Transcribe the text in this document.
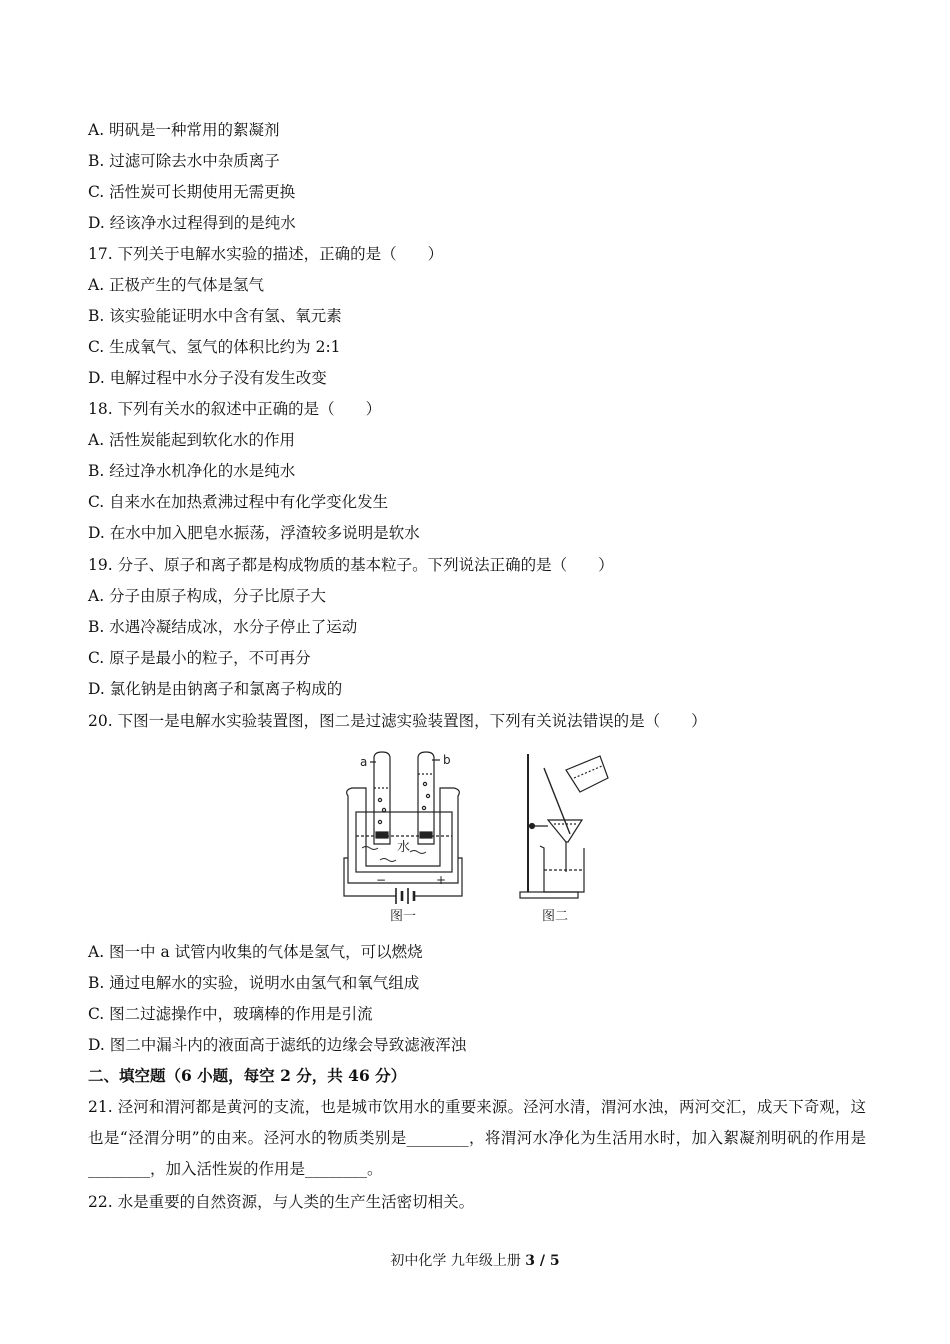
A. 明矾是一种常用的絮凝剂
B. 过滤可除去水中杂质离子
C. 活性炭可长期使用无需更换
D. 经该净水过程得到的是纯水
17. 下列关于电解水实验的描述，正确的是（　　）
A. 正极产生的气体是氢气
B. 该实验能证明水中含有氢、氧元素
C. 生成氧气、氢气的体积比约为 2:1
D. 电解过程中水分子没有发生改变
18. 下列有关水的叙述中正确的是（　　）
A. 活性炭能起到软化水的作用
B. 经过净水机净化的水是纯水
C. 自来水在加热煮沸过程中有化学变化发生
D. 在水中加入肥皂水振荡，浮渣较多说明是软水
19. 分子、原子和离子都是构成物质的基本粒子。下列说法正确的是（　　）
A. 分子由原子构成，分子比原子大
B. 水遇冷凝结成冰，水分子停止了运动
C. 原子是最小的粒子，不可再分
D. 氯化钠是由钠离子和氯离子构成的
20. 下图一是电解水实验装置图，图二是过滤实验装置图，下列有关说法错误的是（　　）
a	b
水
−	+
图一	图二
A. 图一中 a 试管内收集的气体是氢气，可以燃烧
B. 通过电解水的实验，说明水由氢气和氧气组成
C. 图二过滤操作中，玻璃棒的作用是引流
D. 图二中漏斗内的液面高于滤纸的边缘会导致滤液浑浊
二、填空题（6 小题，每空 2 分，共 46 分）
21. 泾河和渭河都是黄河的支流，也是城市饮用水的重要来源。泾河水清，渭河水浊，两河交汇，成天下奇观，这也是“泾渭分明”的由来。泾河水的物质类别是________，将渭河水净化为生活用水时，加入絮凝剂明矾的作用是________，加入活性炭的作用是________。
22. 水是重要的自然资源，与人类的生产生活密切相关。
初中化学 九年级上册 3 / 5
